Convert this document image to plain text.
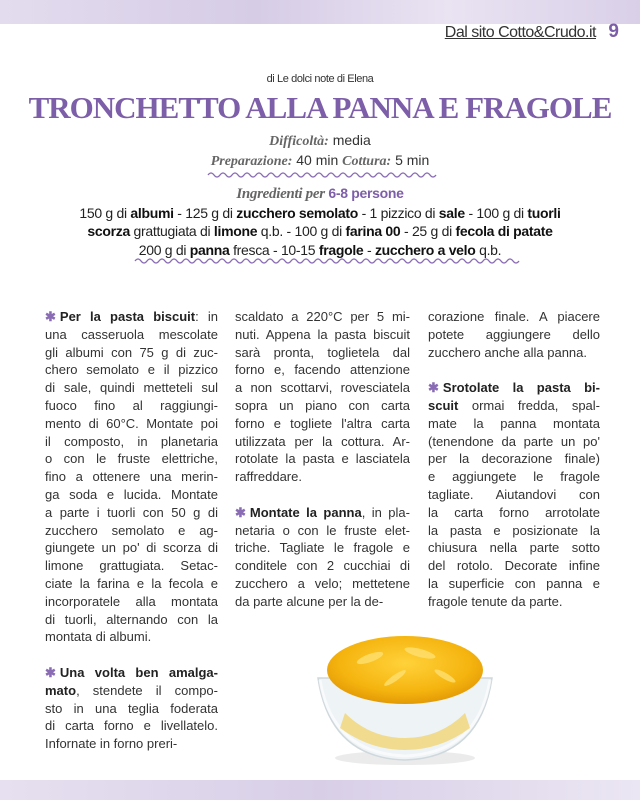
Dal sito Cotto&Crudo.it 9
di Le dolci note di Elena
TRONCHETTO ALLA PANNA E FRAGOLE
Difficoltà: media
Preparazione: 40 min Cottura: 5 min
Ingredienti per 6-8 persone
150 g di albumi - 125 g di zucchero semolato - 1 pizzico di sale - 100 g di tuorli
scorza grattugiata di limone q.b. - 100 g di farina 00 - 25 g di fecola di patate
200 g di panna fresca - 10-15 fragole - zucchero a velo q.b.

✱ Per la pasta biscuit: in
una casseruola mescolate
gli albumi con 75 g di zuc-
chero semolato e il pizzico
di sale, quindi metteteli sul
fuoco fino al raggiungi-
mento di 60°C. Montate poi
il composto, in planetaria
o con le fruste elettriche,
fino a ottenere una merin-
ga soda e lucida. Montate
a parte i tuorli con 50 g di
zucchero semolato e ag-
giungete un po' di scorza di
limone grattugiata. Setac-
ciate la farina e la fecola e
incorporatele alla montata
di tuorli, alternando con la
montata di albumi.

✱ Una volta ben amalga-
mato, stendete il compo-
sto in una teglia foderata
di carta forno e livellatelo.
Infornate in forno preri-

scaldato a 220°C per 5 mi-
nuti. Appena la pasta biscuit
sarà pronta, toglietela dal
forno e, facendo attenzione
a non scottarvi, rovesciatela
sopra un piano con carta
forno e togliete l'altra carta
utilizzata per la cottura. Ar-
rotolate la pasta e lasciatela
raffreddare.

✱ Montate la panna, in pla-
netaria o con le fruste elet-
triche. Tagliate le fragole e
conditele con 2 cucchiai di
zucchero a velo; mettetene
da parte alcune per la de-

corazione finale. A piacere
potete aggiungere dello
zucchero anche alla panna.

✱ Srotolate la pasta bi-
scuit ormai fredda, spal-
mate la panna montata
(tenendone da parte un po'
per la decorazione finale)
e aggiungete le fragole
tagliate. Aiutandovi con
la carta forno arrotolate
la pasta e posizionate la
chiusura nella parte sotto
del rotolo. Decorate infine
la superficie con panna e
fragole tenute da parte.
